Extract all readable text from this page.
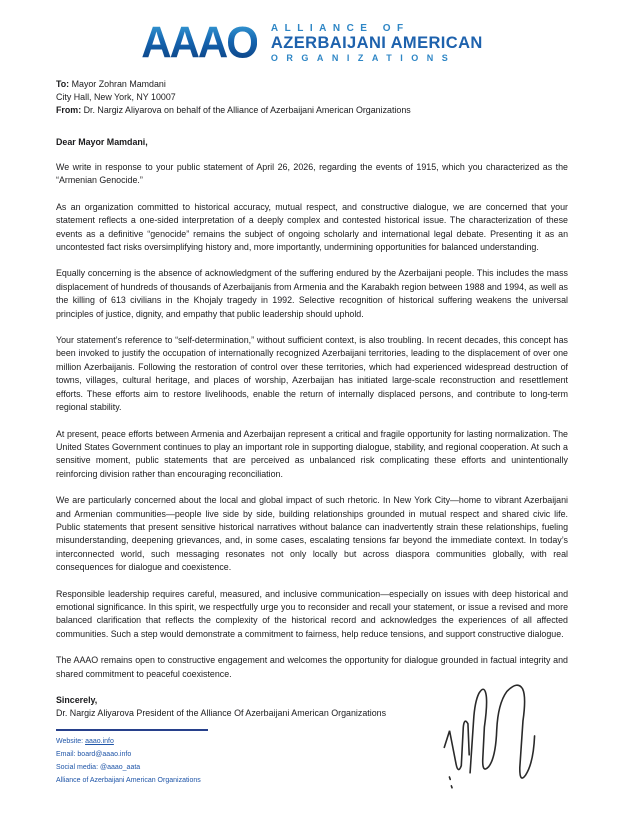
AAAO ALLIANCE OF
AZERBAIJANI AMERICAN
ORGANIZATIONS

To: Mayor Zohran Mamdani

City Hall, New York, NY 10007

From: Dr. Nargiz Aliyarova on behalf of the Alliance of Azerbaijani American Organizations

Dear Mayor Mamdani,

We write in response to your public statement of April 26, 2026, regarding the events of 1915, which you characterized as the “Armenian Genocide.”

As an organization committed to historical accuracy, mutual respect, and constructive dialogue, we are concerned that your statement reflects a one-sided interpretation of a deeply complex and contested historical issue. The characterization of these events as a definitive “genocide” remains the subject of ongoing scholarly and international legal debate. Presenting it as an uncontested fact risks oversimplifying history and, more importantly, undermining opportunities for balanced understanding.

Equally concerning is the absence of acknowledgment of the suffering endured by the Azerbaijani people. This includes the mass displacement of hundreds of thousands of Azerbaijanis from Armenia and the Karabakh region between 1988 and 1994, as well as the killing of 613 civilians in the Khojaly tragedy in 1992. Selective recognition of historical suffering weakens the universal principles of justice, dignity, and empathy that public leadership should uphold.

Your statement’s reference to “self-determination,” without sufficient context, is also troubling. In recent decades, this concept has been invoked to justify the occupation of internationally recognized Azerbaijani territories, leading to the displacement of over one million Azerbaijanis. Following the restoration of control over these territories, which had experienced widespread destruction of towns, villages, cultural heritage, and places of worship, Azerbaijan has initiated large-scale reconstruction and resettlement efforts. These efforts aim to restore livelihoods, enable the return of internally displaced persons, and contribute to long-term regional stability.

At present, peace efforts between Armenia and Azerbaijan represent a critical and fragile opportunity for lasting normalization. The United States Government continues to play an important role in supporting dialogue, stability, and regional cooperation. At such a sensitive moment, public statements that are perceived as unbalanced risk complicating these efforts and unintentionally reinforcing division rather than encouraging reconciliation.

We are particularly concerned about the local and global impact of such rhetoric. In New York City—home to vibrant Azerbaijani and Armenian communities—people live side by side, building relationships grounded in mutual respect and shared civic life. Public statements that present sensitive historical narratives without balance can inadvertently strain these relationships, fueling misunderstanding, deepening grievances, and, in some cases, escalating tensions far beyond the immediate context. In today’s interconnected world, such messaging resonates not only locally but across diaspora communities globally, with real consequences for dialogue and coexistence.

Responsible leadership requires careful, measured, and inclusive communication—especially on issues with deep historical and emotional significance. In this spirit, we respectfully urge you to reconsider and recall your statement, or issue a revised and more balanced clarification that reflects the complexity of the historical record and acknowledges the experiences of all affected communities. Such a step would demonstrate a commitment to fairness, help reduce tensions, and support constructive dialogue.

The AAAO remains open to constructive engagement and welcomes the opportunity for dialogue grounded in factual integrity and shared commitment to peaceful coexistence.

Sincerely,

Dr. Nargiz Aliyarova President of the Alliance Of Azerbaijani American Organizations

Website: aaao.info

Email: board@aaao.info

Social media: @aaao_aata

Alliance of Azerbaijani American Organizations
